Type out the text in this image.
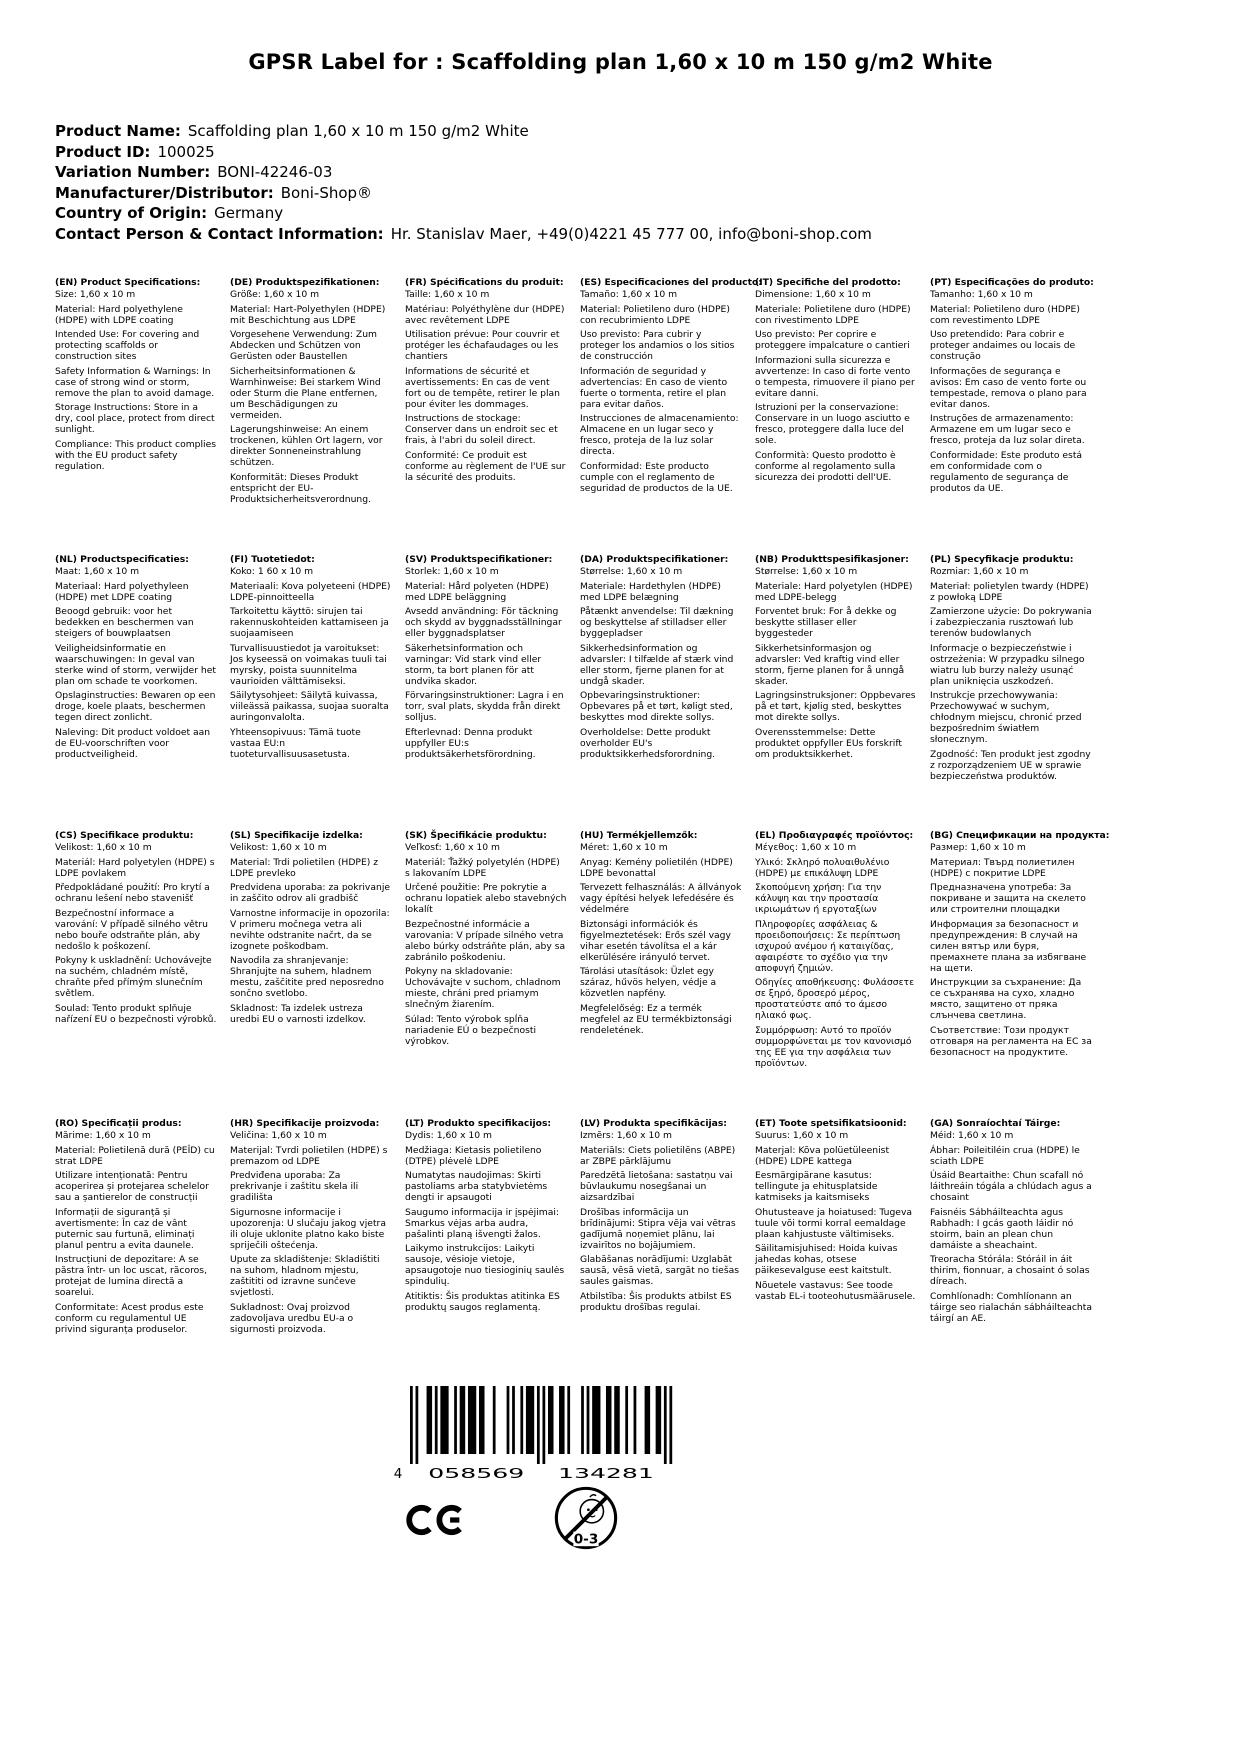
GPSR Label for : Scaffolding plan 1,60 x 10 m 150 g/m2 White
Product Name: Scaffolding plan 1,60 x 10 m 150 g/m2 White
Product ID: 100025
Variation Number: BONI-42246-03
Manufacturer/Distributor: Boni-Shop®
Country of Origin: Germany
Contact Person & Contact Information: Hr. Stanislav Maer, +49(0)4221 45 777 00, info@boni-shop.com
(EN) Product Specifications:

Size: 1,60 x 10 m

Material: Hard polyethylene (HDPE) with LDPE coating

Intended Use: For covering and protecting scaffolds or construction sites

Safety Information & Warnings: In case of strong wind or storm, remove the plan to avoid damage.

Storage Instructions: Store in a dry, cool place, protect from direct sunlight.

Compliance: This product complies with the EU product safety regulation.

(DE) Produktspezifikationen:

Größe: 1,60 x 10 m

Material: Hart-Polyethylen (HDPE) mit Beschichtung aus LDPE

Vorgesehene Verwendung: Zum Abdecken und Schützen von Gerüsten oder Baustellen

Sicherheitsinformationen & Warnhinweise: Bei starkem Wind oder Sturm die Plane entfernen, um Beschädigungen zu vermeiden.

Lagerungshinweise: An einem trockenen, kühlen Ort lagern, vor direkter Sonneneinstrahlung schützen.

Konformität: Dieses Produkt entspricht der EU-Produktsicherheitsverordnung.

(FR) Spécifications du produit:

Taille: 1,60 x 10 m

Matériau: Polyéthylène dur (HDPE) avec revêtement LDPE

Utilisation prévue: Pour couvrir et protéger les échafaudages ou les chantiers

Informations de sécurité et avertissements: En cas de vent fort ou de tempête, retirer le plan pour éviter les dommages.

Instructions de stockage: Conserver dans un endroit sec et frais, à l'abri du soleil direct.

Conformité: Ce produit est conforme au règlement de l'UE sur la sécurité des produits.

(ES) Especificaciones del producto:

Tamaño: 1,60 x 10 m

Material: Polietileno duro (HDPE) con recubrimiento LDPE

Uso previsto: Para cubrir y proteger los andamios o los sitios de construcción

Información de seguridad y advertencias: En caso de viento fuerte o tormenta, retire el plan para evitar daños.

Instrucciones de almacenamiento: Almacene en un lugar seco y fresco, proteja de la luz solar directa.

Conformidad: Este producto cumple con el reglamento de seguridad de productos de la UE.

(IT) Specifiche del prodotto:

Dimensione: 1,60 x 10 m

Materiale: Polietilene duro (HDPE) con rivestimento LDPE

Uso previsto: Per coprire e proteggere impalcature o cantieri

Informazioni sulla sicurezza e avvertenze: In caso di forte vento o tempesta, rimuovere il piano per evitare danni.

Istruzioni per la conservazione: Conservare in un luogo asciutto e fresco, proteggere dalla luce del sole.

Conformità: Questo prodotto è conforme al regolamento sulla sicurezza dei prodotti dell'UE.

(PT) Especificações do produto:

Tamanho: 1,60 x 10 m

Material: Polietileno duro (HDPE) com revestimento LDPE

Uso pretendido: Para cobrir e proteger andaimes ou locais de construção

Informações de segurança e avisos: Em caso de vento forte ou tempestade, remova o plano para evitar danos.

Instruções de armazenamento: Armazene em um lugar seco e fresco, proteja da luz solar direta.

Conformidade: Este produto está em conformidade com o regulamento de segurança de produtos da UE.

(NL) Productspecificaties:

Maat: 1,60 x 10 m

Materiaal: Hard polyethyleen (HDPE) met LDPE coating

Beoogd gebruik: voor het bedekken en beschermen van steigers of bouwplaatsen

Veiligheidsinformatie en waarschuwingen: In geval van sterke wind of storm, verwijder het plan om schade te voorkomen.

Opslaginstructies: Bewaren op een droge, koele plaats, beschermen tegen direct zonlicht.

Naleving: Dit product voldoet aan de EU-voorschriften voor productveiligheid.

(FI) Tuotetiedot:

Koko: 1 60 x 10 m

Materiaali: Kova polyeteeni (HDPE) LDPE-pinnoitteella

Tarkoitettu käyttö: sirujen tai rakennuskohteiden kattamiseen ja suojaamiseen

Turvallisuustiedot ja varoitukset: Jos kyseessä on voimakas tuuli tai myrsky, poista suunnitelma vaurioiden välttämiseksi.

Säilytysohjeet: Säilytä kuivassa, viileässä paikassa, suojaa suoralta auringonvalolta.

Yhteensopivuus: Tämä tuote vastaa EU:n tuoteturvallisuusasetusta.

(SV) Produktspecifikationer:

Storlek: 1,60 x 10 m

Material: Hård polyeten (HDPE) med LDPE beläggning

Avsedd användning: För täckning och skydd av byggnadsställningar eller byggnadsplatser

Säkerhetsinformation och varningar: Vid stark vind eller storm, ta bort planen för att undvika skador.

Förvaringsinstruktioner: Lagra i en torr, sval plats, skydda från direkt solljus.

Efterlevnad: Denna produkt uppfyller EU:s produktsäkerhetsförordning.

(DA) Produktspecifikationer:

Størrelse: 1,60 x 10 m

Materiale: Hardethylen (HDPE) med LDPE belægning

Påtænkt anvendelse: Til dækning og beskyttelse af stilladser eller byggepladser

Sikkerhedsinformation og advarsler: I tilfælde af stærk vind eller storm, fjerne planen for at undgå skader.

Opbevaringsinstruktioner: Opbevares på et tørt, køligt sted, beskyttes mod direkte sollys.

Overholdelse: Dette produkt overholder EU's produktsikkerhedsforordning.

(NB) Produkttspesifikasjoner:

Størrelse: 1,60 x 10 m

Materiale: Hard polyetylen (HDPE) med LDPE-belegg

Forventet bruk: For å dekke og beskytte stillaser eller byggesteder

Sikkerhetsinformasjon og advarsler: Ved kraftig vind eller storm, fjerne planen for å unngå skader.

Lagringsinstruksjoner: Oppbevares på et tørt, kjølig sted, beskyttes mot direkte sollys.

Overensstemmelse: Dette produktet oppfyller EUs forskrift om produktsikkerhet.

(PL) Specyfikacje produktu:

Rozmiar: 1,60 x 10 m

Materiał: polietylen twardy (HDPE) z powłoką LDPE

Zamierzone użycie: Do pokrywania i zabezpieczania rusztowań lub terenów budowlanych

Informacje o bezpieczeństwie i ostrzeżenia: W przypadku silnego wiatru lub burzy należy usunąć plan uniknięcia uszkodzeń.

Instrukcje przechowywania: Przechowywać w suchym, chłodnym miejscu, chronić przed bezpośrednim światłem słonecznym.

Zgodność: Ten produkt jest zgodny z rozporządzeniem UE w sprawie bezpieczeństwa produktów.

(CS) Specifikace produktu:

Velikost: 1,60 x 10 m

Materiál: Hard polyetylen (HDPE) s LDPE povlakem

Předpokládané použití: Pro krytí a ochranu lešení nebo stavenišť

Bezpečnostní informace a varování: V případě silného větru nebo bouře odstraňte plán, aby nedošlo k poškození.

Pokyny k uskladnění: Uchovávejte na suchém, chladném místě, chraňte před přímým slunečním světlem.

Soulad: Tento produkt splňuje nařízení EU o bezpečnosti výrobků.

(SL) Specifikacije izdelka:

Velikost: 1,60 x 10 m

Material: Trdi polietilen (HDPE) z LDPE prevleko

Predvidena uporaba: za pokrivanje in zaščito odrov ali gradbišč

Varnostne informacije in opozorila: V primeru močnega vetra ali nevihte odstranite načrt, da se izognete poškodbam.

Navodila za shranjevanje: Shranjujte na suhem, hladnem mestu, zaščitite pred neposredno sončno svetlobo.

Skladnost: Ta izdelek ustreza uredbi EU o varnosti izdelkov.

(SK) Špecifikácie produktu:

Veľkosť: 1,60 x 10 m

Materiál: Ťažký polyetylén (HDPE) s lakovaním LDPE

Určené použitie: Pre pokrytie a ochranu lopatiek alebo stavebných lokalít

Bezpečnostné informácie a varovania: V prípade silného vetra alebo búrky odstráňte plán, aby sa zabránilo poškodeniu.

Pokyny na skladovanie: Uchovávajte v suchom, chladnom mieste, chráni pred priamym slnečným žiarením.

Súlad: Tento výrobok spĺňa nariadenie EÚ o bezpečnosti výrobkov.

(HU) Termékjellemzők:

Méret: 1,60 x 10 m

Anyag: Kemény polietilén (HDPE) LDPE bevonattal

Tervezett felhasználás: A állványok vagy építési helyek lefedésére és védelmére

Biztonsági információk és figyelmeztetések: Erős szél vagy vihar esetén távolítsa el a kár elkerülésére irányuló tervet.

Tárolási utasítások: Üzlet egy száraz, hűvös helyen, védje a közvetlen napfény.

Megfelelőség: Ez a termék megfelel az EU termékbiztonsági rendeletének.

(EL) Προδιαγραφές προϊόντος:

Μέγεθος: 1,60 x 10 m

Υλικό: Σκληρό πολυαιθυλένιο (HDPE) με επικάλυψη LDPE

Σκοπούμενη χρήση: Για την κάλυψη και την προστασία ικριωμάτων ή εργοταξίων

Πληροφορίες ασφάλειας & προειδοποιήσεις: Σε περίπτωση ισχυρού ανέμου ή καταιγίδας, αφαιρέστε το σχέδιο για την αποφυγή ζημιών.

Οδηγίες αποθήκευσης: Φυλάσσετε σε ξηρό, δροσερό μέρος, προστατεύστε από το άμεσο ηλιακό φως.

Συμμόρφωση: Αυτό το προϊόν συμμορφώνεται με τον κανονισμό της ΕΕ για την ασφάλεια των προϊόντων.

(BG) Спецификации на продукта:

Размер: 1,60 x 10 m

Материал: Твърд полиетилен (HDPE) с покритие LDPE

Предназначена употреба: За покриване и защита на скелето или строителни площадки

Информация за безопасност и предупреждения: В случай на силен вятър или буря, премахнете плана за избягване на щети.

Инструкции за съхранение: Да се съхранява на сухо, хладно място, защитено от пряка слънчева светлина.

Съответствие: Този продукт отговаря на регламента на ЕС за безопасност на продуктите.

(RO) Specificații produs:

Mărime: 1,60 x 10 m

Material: Polietilenă dură (PEÎD) cu strat LDPE

Utilizare intenționată: Pentru acoperirea și protejarea schelelor sau a șantierelor de construcții

Informații de siguranță și avertismente: În caz de vânt puternic sau furtună, eliminați planul pentru a evita daunele.

Instrucțiuni de depozitare: A se păstra într- un loc uscat, răcoros, protejat de lumina directă a soarelui.

Conformitate: Acest produs este conform cu regulamentul UE privind siguranța produselor.

(HR) Specifikacije proizvoda:

Veličina: 1,60 x 10 m

Materijal: Tvrdi polietilen (HDPE) s premazom od LDPE

Predviđena uporaba: Za prekrivanje i zaštitu skela ili gradilišta

Sigurnosne informacije i upozorenja: U slučaju jakog vjetra ili oluje uklonite platno kako biste spriječili oštećenja.

Upute za skladištenje: Skladištiti na suhom, hladnom mjestu, zaštititi od izravne sunčeve svjetlosti.

Sukladnost: Ovaj proizvod zadovoljava uredbu EU-a o sigurnosti proizvoda.

(LT) Produkto specifikacijos:

Dydis: 1,60 x 10 m

Medžiaga: Kietasis polietileno (DTPE) plėvelė LDPE

Numatytas naudojimas: Skirti pastoliams arba statybvietėms dengti ir apsaugoti

Saugumo informacija ir įspėjimai: Smarkus vėjas arba audra, pašalinti planą išvengti žalos.

Laikymo instrukcijos: Laikyti sausoje, vėsioje vietoje, apsaugotoje nuo tiesioginių saulės spindulių.

Atitiktis: Šis produktas atitinka ES produktų saugos reglamentą.

(LV) Produkta specifikācijas:

Izmērs: 1,60 x 10 m

Materiāls: Ciets polietilēns (ABPE) ar ZBPE pārklājumu

Paredzētā lietošana: sastatņu vai būvlaukumu nosegšanai un aizsardzībai

Drošības informācija un brīdinājumi: Stipra vēja vai vētras gadījumā noņemiet plānu, lai izvairītos no bojājumiem.

Glabāšanas norādījumi: Uzglabāt sausā, vēsā vietā, sargāt no tiešas saules gaismas.

Atbilstība: Šis produkts atbilst ES produktu drošības regulai.

(ET) Toote spetsifikatsioonid:

Suurus: 1,60 x 10 m

Materjal: Kõva polüetüleenist (HDPE) LDPE kattega

Eesmärgipärane kasutus: tellingute ja ehitusplatside katmiseks ja kaitsmiseks

Ohutusteave ja hoiatused: Tugeva tuule või tormi korral eemaldage plaan kahjustuste vältimiseks.

Säilitamisjuhised: Hoida kuivas jahedas kohas, otsese päikesevalguse eest kaitstult.

Nõuetele vastavus: See toode vastab EL-i tooteohutusmäärusele.

(GA) Sonraíochtaí Táirge:

Méid: 1,60 x 10 m

Ábhar: Poileitiléin crua (HDPE) le sciath LDPE

Úsáid Beartaithe: Chun scafall nó láithreáin tógála a chlúdach agus a chosaint

Faisnéis Sábháilteachta agus Rabhadh: I gcás gaoth láidir nó stoirm, bain an plean chun damáiste a sheachaint.

Treoracha Stórála: Stóráil in áit thirim, fionnuar, a chosaint ó solas díreach.

Comhlíonadh: Comhlíonann an táirge seo rialachán sábháilteachta táirgí an AE.

4 058569 134281
0-3
